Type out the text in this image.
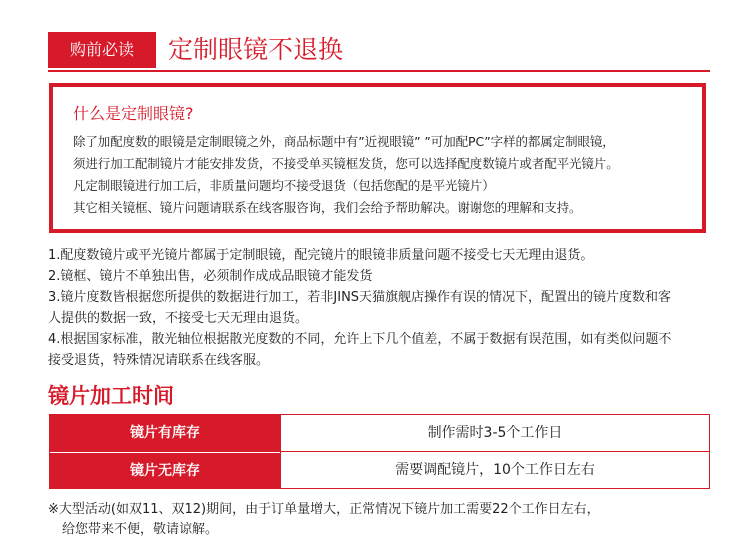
购前必读	定制眼镜不退换
什么是定制眼镜?
除了加配度数的眼镜是定制眼镜之外，商品标题中有”近视眼镜” ”可加配PC”字样的都属定制眼镜，
须进行加工配制镜片才能安排发货，不接受单买镜框发货，您可以选择配度数镜片或者配平光镜片。
凡定制眼镜进行加工后，非质量问题均不接受退货（包括您配的是平光镜片）
其它相关镜框、镜片问题请联系在线客服咨询，我们会给予帮助解决。谢谢您的理解和支持。
1.配度数镜片或平光镜片都属于定制眼镜，配完镜片的眼镜非质量问题不接受七天无理由退货。
2.镜框、镜片不单独出售，必须制作成成品眼镜才能发货
3.镜片度数皆根据您所提供的数据进行加工，若非JINS天猫旗舰店操作有误的情况下，配置出的镜片度数和客
人提供的数据一致，不接受七天无理由退货。
4.根据国家标准，散光轴位根据散光度数的不同，允许上下几个值差，不属于数据有误范围，如有类似问题不
接受退货，特殊情况请联系在线客服。
镜片加工时间
镜片有库存	制作需时3-5个工作日
镜片无库存	需要调配镜片，10个工作日左右
※大型活动(如双11、双12)期间，由于订单量增大，正常情况下镜片加工需要22个工作日左右，
给您带来不便，敬请谅解。
